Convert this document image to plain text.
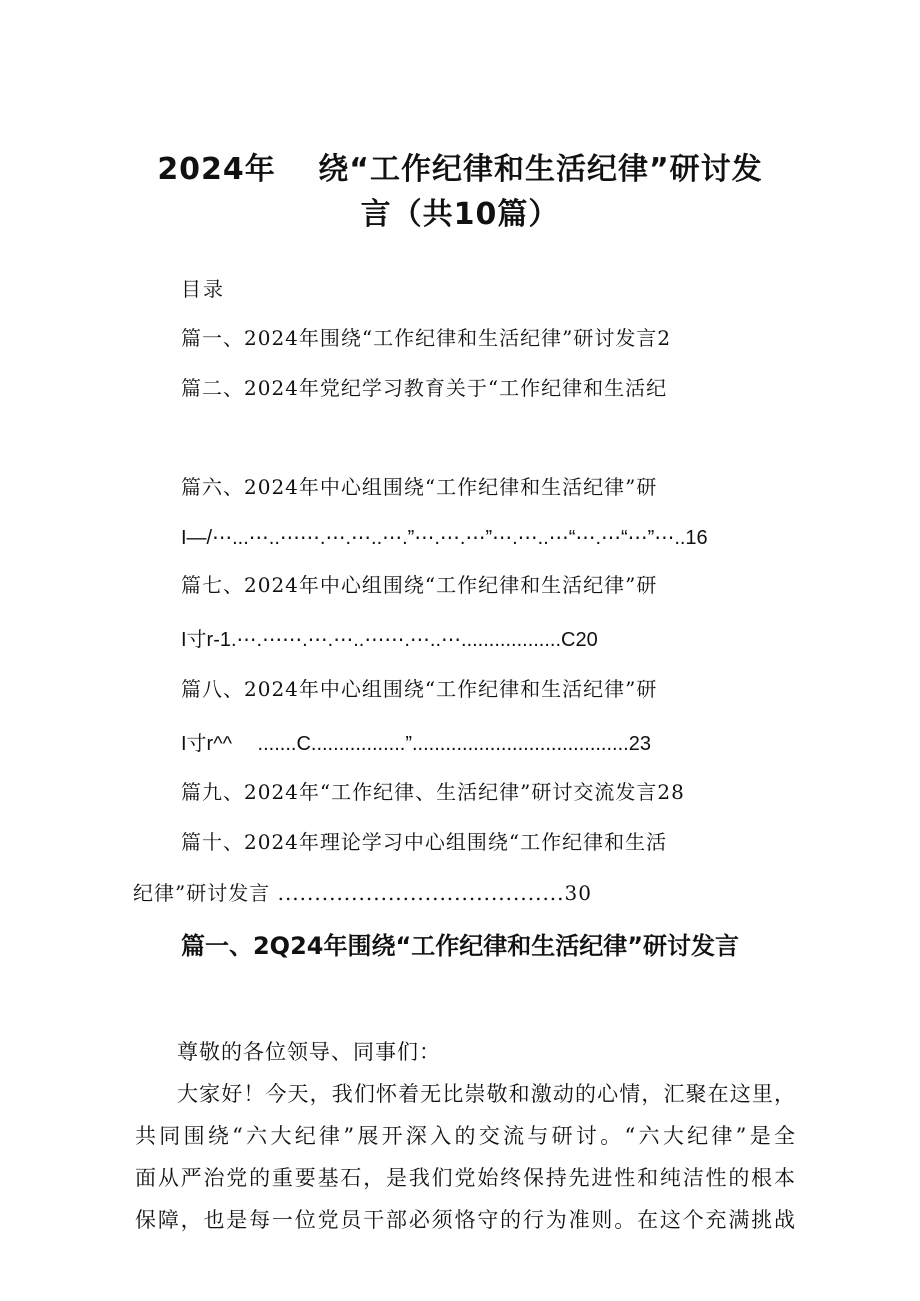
2024年　 绕“工作纪律和生活纪律”研讨发
言（共10篇）
目录
篇一、2024年围绕“工作纪律和生活纪律”研讨发言2
篇二、2024年党纪学习教育关于“工作纪律和生活纪
篇六、2024年中心组围绕“工作纪律和生活纪律”研
I—/⋯...⋯..⋯⋯.⋯.⋯..⋯.”⋯.⋯.⋯”⋯.⋯..⋯“⋯.⋯“⋯”⋯..16
篇七、2024年中心组围绕“工作纪律和生活纪律”研
I寸r-1.⋯.⋯⋯.⋯.⋯..⋯⋯.⋯..⋯..................C20
篇八、2024年中心组围绕“工作纪律和生活纪律”研
I寸r^^　 .......C.................”.......................................23
篇九、2024年“工作纪律、生活纪律”研讨交流发言28
篇十、2024年理论学习中心组围绕“工作纪律和生活
纪律”研讨发言 .......................................30
篇一、2Q24年围绕“工作纪律和生活纪律”研讨发言
尊敬的各位领导、同事们：
大家好！今天，我们怀着无比崇敬和激动的心情，汇聚在这里，
共同围绕“六大纪律”展开深入的交流与研讨。“六大纪律”是全
面从严治党的重要基石，是我们党始终保持先进性和纯洁性的根本
保障，也是每一位党员干部必须恪守的行为准则。在这个充满挑战
